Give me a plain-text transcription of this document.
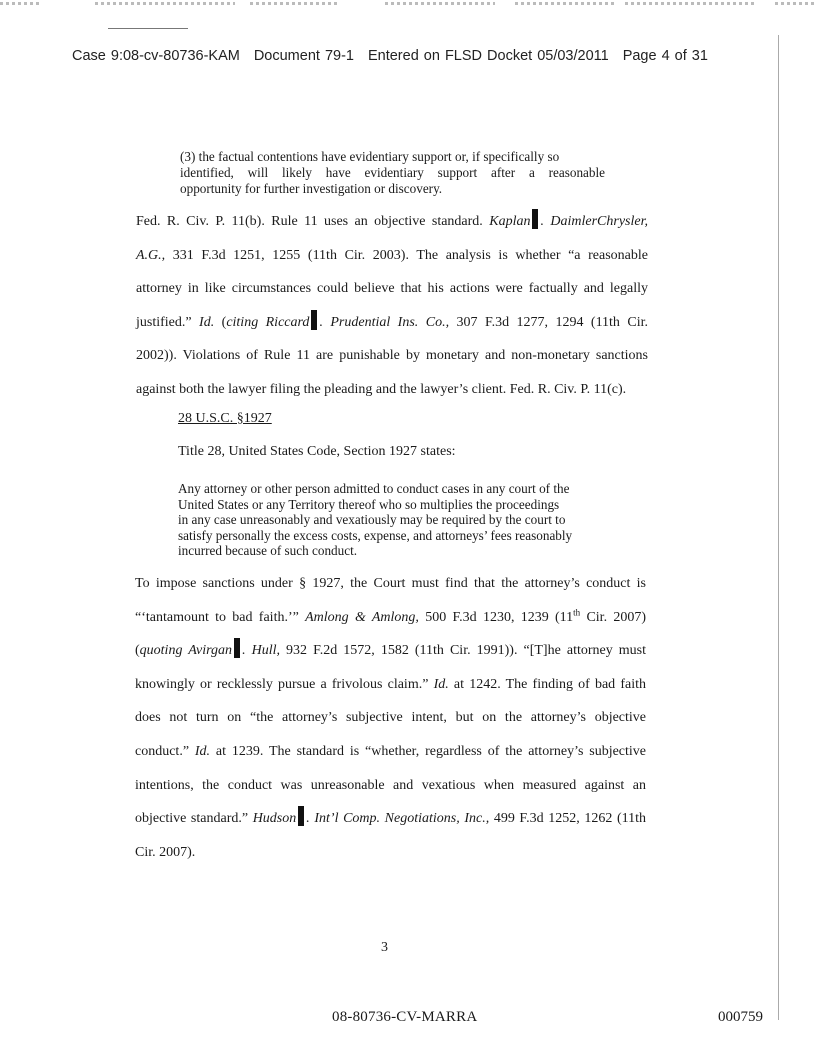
Case 9:08-cv-80736-KAM Document 79-1 Entered on FLSD Docket 05/03/2011 Page 4 of 31
(3) the factual contentions have evidentiary support or, if specifically so
identified, will likely have evidentiary support after a reasonable
opportunity for further investigation or discovery.
Fed. R. Civ. P. 11(b). Rule 11 uses an objective standard. Kaplan . DaimlerChrysler,
A.G., 331 F.3d 1251, 1255 (11th Cir. 2003). The analysis is whether “a reasonable
attorney in like circumstances could believe that his actions were factually and legally
justified.” Id. (citing Riccard . Prudential Ins. Co., 307 F.3d 1277, 1294 (11th Cir.
2002)). Violations of Rule 11 are punishable by monetary and non-monetary sanctions
against both the lawyer filing the pleading and the lawyer’s client. Fed. R. Civ. P. 11(c).
28 U.S.C. §1927
Title 28, United States Code, Section 1927 states:
Any attorney or other person admitted to conduct cases in any court of the
United States or any Territory thereof who so multiplies the proceedings
in any case unreasonably and vexatiously may be required by the court to
satisfy personally the excess costs, expense, and attorneys’ fees reasonably
incurred because of such conduct.
To impose sanctions under § 1927, the Court must find that the attorney’s conduct is
“‘tantamount to bad faith.’” Amlong & Amlong, 500 F.3d 1230, 1239 (11th Cir. 2007)
(quoting Avirgan . Hull, 932 F.2d 1572, 1582 (11th Cir. 1991)). “[T]he attorney must
knowingly or recklessly pursue a frivolous claim.” Id. at 1242. The finding of bad faith
does not turn on “the attorney’s subjective intent, but on the attorney’s objective
conduct.” Id. at 1239. The standard is “whether, regardless of the attorney’s subjective
intentions, the conduct was unreasonable and vexatious when measured against an
objective standard.” Hudson . Int’l Comp. Negotiations, Inc., 499 F.3d 1252, 1262 (11th
Cir. 2007).
3
08-80736-CV-MARRA	000759
